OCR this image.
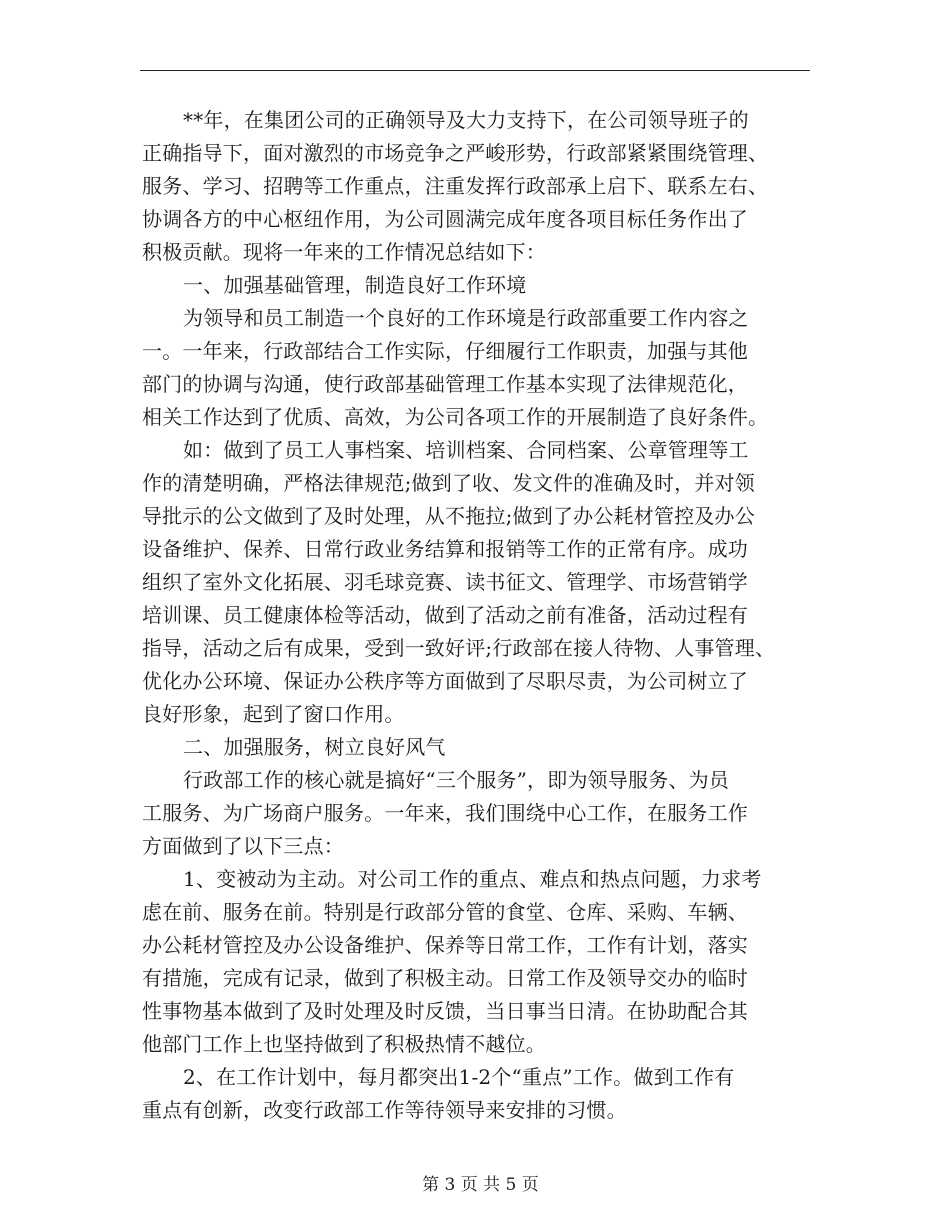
**年，在集团公司的正确领导及大力支持下，在公司领导班子的
正确指导下，面对激烈的市场竞争之严峻形势，行政部紧紧围绕管理、
服务、学习、招聘等工作重点，注重发挥行政部承上启下、联系左右、
协调各方的中心枢纽作用，为公司圆满完成年度各项目标任务作出了
积极贡献。现将一年来的工作情况总结如下：
一、加强基础管理，制造良好工作环境
为领导和员工制造一个良好的工作环境是行政部重要工作内容之
一。一年来，行政部结合工作实际，仔细履行工作职责，加强与其他
部门的协调与沟通，使行政部基础管理工作基本实现了法律规范化，
相关工作达到了优质、高效，为公司各项工作的开展制造了良好条件。
如：做到了员工人事档案、培训档案、合同档案、公章管理等工
作的清楚明确，严格法律规范;做到了收、发文件的准确及时，并对领
导批示的公文做到了及时处理，从不拖拉;做到了办公耗材管控及办公
设备维护、保养、日常行政业务结算和报销等工作的正常有序。成功
组织了室外文化拓展、羽毛球竞赛、读书征文、管理学、市场营销学
培训课、员工健康体检等活动，做到了活动之前有准备，活动过程有
指导，活动之后有成果，受到一致好评;行政部在接人待物、人事管理、
优化办公环境、保证办公秩序等方面做到了尽职尽责，为公司树立了
良好形象，起到了窗口作用。
二、加强服务，树立良好风气
行政部工作的核心就是搞好“三个服务”，即为领导服务、为员
工服务、为广场商户服务。一年来，我们围绕中心工作，在服务工作
方面做到了以下三点：
1、变被动为主动。对公司工作的重点、难点和热点问题，力求考
虑在前、服务在前。特别是行政部分管的食堂、仓库、采购、车辆、
办公耗材管控及办公设备维护、保养等日常工作，工作有计划，落实
有措施，完成有记录，做到了积极主动。日常工作及领导交办的临时
性事物基本做到了及时处理及时反馈，当日事当日清。在协助配合其
他部门工作上也坚持做到了积极热情不越位。
2、在工作计划中，每月都突出1-2个“重点”工作。做到工作有
重点有创新，改变行政部工作等待领导来安排的习惯。

第 3 页 共 5 页
